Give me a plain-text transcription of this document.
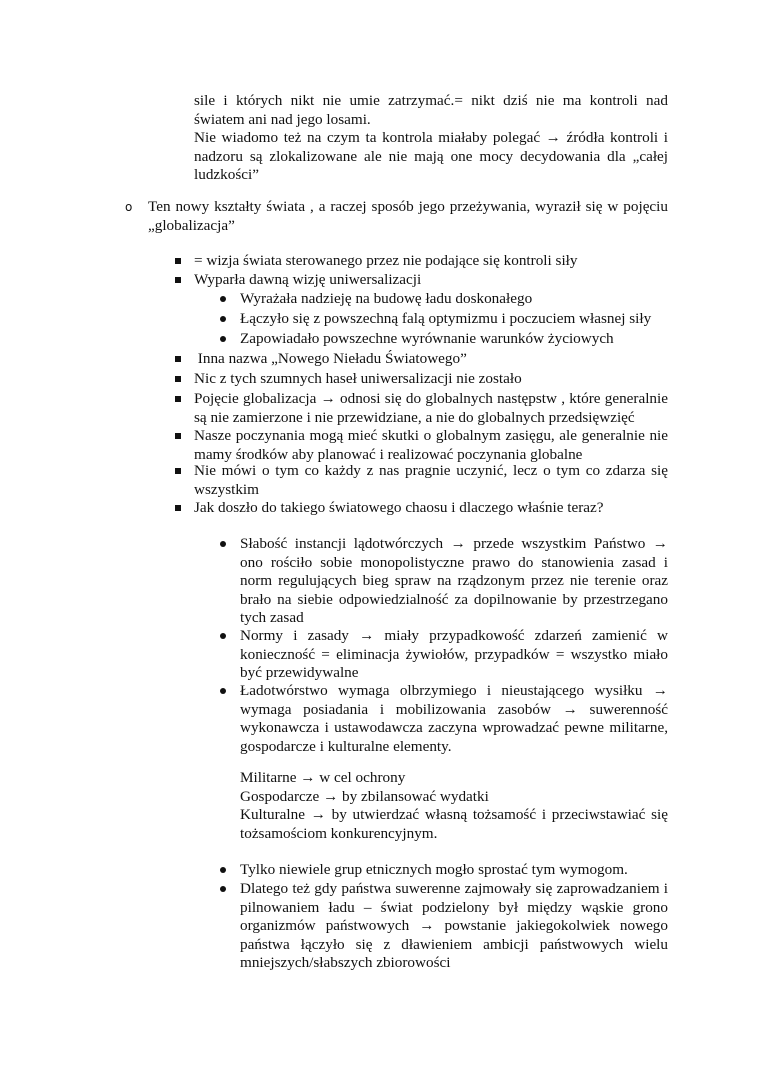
sile i których nikt nie umie zatrzymać.= nikt dziś nie ma kontroli nad
światem ani nad jego losami.
Nie wiadomo też na czym ta kontrola miałaby polegać → źródła kontroli i
nadzoru są zlokalizowane ale nie mają one mocy decydowania dla „całej
ludzkości”
o Ten nowy kształty świata , a raczej sposób jego przeżywania, wyraził się w pojęciu
„globalizacja”
= wizja świata sterowanego przez nie podające się kontroli siły
Wyparła dawną wizję uniwersalizacji
Wyrażała nadzieję na budowę ładu doskonałego
Łączyło się z powszechną falą optymizmu i poczuciem własnej siły
Zapowiadało powszechne wyrównanie warunków życiowych
Inna nazwa „Nowego Nieładu Światowego”
Nic z tych szumnych haseł uniwersalizacji nie zostało
Pojęcie globalizacja → odnosi się do globalnych następstw , które generalnie
są nie zamierzone i nie przewidziane, a nie do globalnych przedsięwzięć
Nasze poczynania mogą mieć skutki o globalnym zasięgu, ale generalnie nie
mamy środków aby planować i realizować poczynania globalne
Nie mówi o tym co każdy z nas pragnie uczynić, lecz o tym co zdarza się
wszystkim
Jak doszło do takiego światowego chaosu i dlaczego właśnie teraz?
Słabość instancji lądotwórczych → przede wszystkim Państwo →
ono rościło sobie monopolistyczne prawo do stanowienia zasad i
norm regulujących bieg spraw na rządzonym przez nie terenie oraz
brało na siebie odpowiedzialność za dopilnowanie by przestrzegano
tych zasad
Normy i zasady → miały przypadkowość zdarzeń zamienić w
konieczność = eliminacja żywiołów, przypadków = wszystko miało
być przewidywalne
Ładotwórstwo wymaga olbrzymiego i nieustającego wysiłku →
wymaga posiadania i mobilizowania zasobów → suwerenność
wykonawcza i ustawodawcza zaczyna wprowadzać pewne militarne,
gospodarcze i kulturalne elementy.
Militarne → w cel ochrony
Gospodarcze → by zbilansować wydatki
Kulturalne → by utwierdzać własną tożsamość i przeciwstawiać się
tożsamościom konkurencyjnym.
Tylko niewiele grup etnicznych mogło sprostać tym wymogom.
Dlatego też gdy państwa suwerenne zajmowały się zaprowadzaniem i
pilnowaniem ładu – świat podzielony był między wąskie grono
organizmów państwowych → powstanie jakiegokolwiek nowego
państwa łączyło się z dławieniem ambicji państwowych wielu
mniejszych/słabszych zbiorowości
